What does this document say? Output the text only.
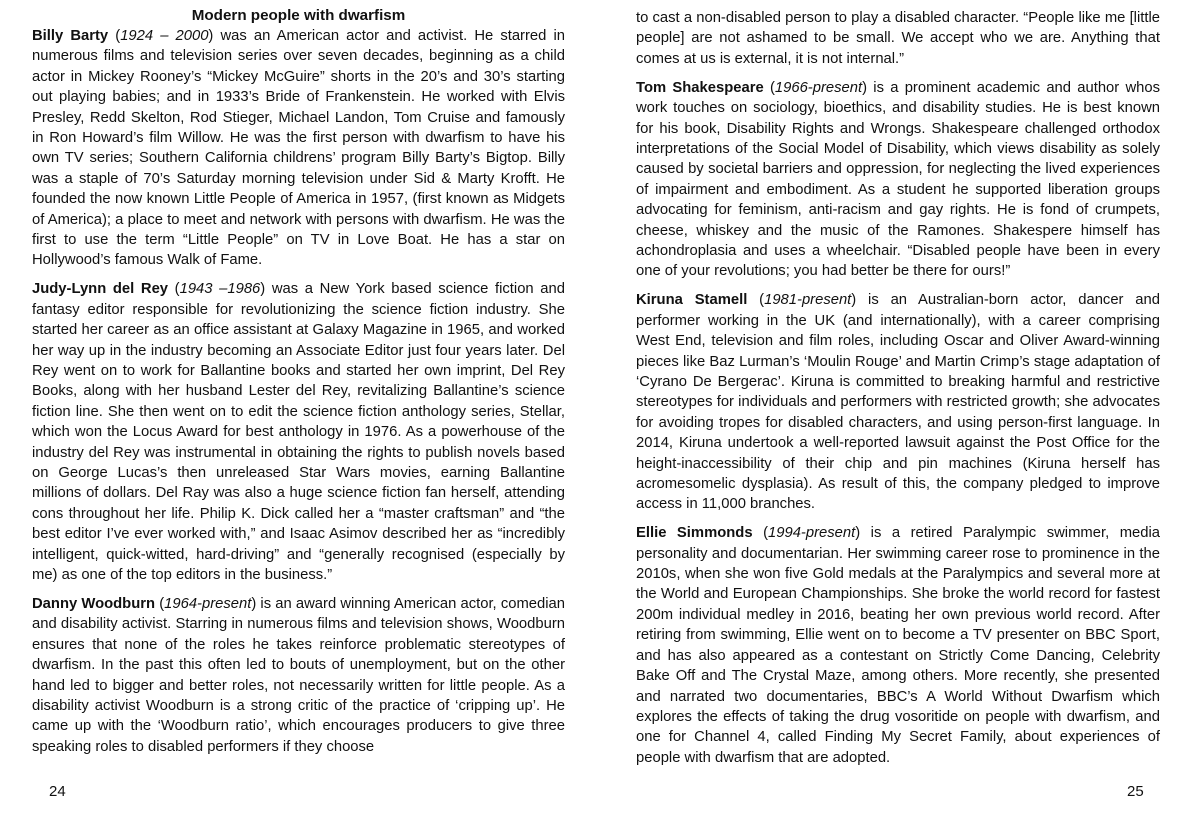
Modern people with dwarfism

Billy Barty (1924 – 2000) was an American actor and activist. He starred in numerous films and television series over seven decades, beginning as a child actor in Mickey Rooney’s “Mickey McGuire” shorts in the 20’s and 30’s starting out playing babies; and in 1933’s Bride of Frankenstein. He worked with Elvis Presley, Redd Skelton, Rod Stieger, Michael Landon, Tom Cruise and famously in Ron Howard’s film Willow. He was the first person with dwarfism to have his own TV series; Southern California childrens’ program Billy Barty’s Bigtop. Billy was a staple of 70’s Saturday morning television under Sid & Marty Krofft. He founded the now known Little People of America in 1957, (first known as Midgets of America); a place to meet and network with persons with dwarfism. He was the first to use the term “Little People” on TV in Love Boat. He has a star on Hollywood’s famous Walk of Fame.

Judy-Lynn del Rey (1943 –1986) was a New York based science fiction and fantasy editor responsible for revolutionizing the science fiction industry. She started her career as an office assistant at Galaxy Magazine in 1965, and worked her way up in the industry becoming an Associate Editor just four years later. Del Rey went on to work for Ballantine books and started her own imprint, Del Rey Books, along with her husband Lester del Rey, revitalizing Ballantine’s science fiction line. She then went on to edit the science fiction anthology series, Stellar, which won the Locus Award for best anthology in 1976. As a powerhouse of the industry del Rey was instrumental in obtaining the rights to publish novels based on George Lucas’s then unreleased Star Wars movies, earning Ballantine millions of dollars. Del Ray was also a huge science fiction fan herself, attending cons throughout her life. Philip K. Dick called her a “master craftsman” and “the best editor I’ve ever worked with,” and Isaac Asimov described her as “incredibly intelligent, quick-witted, hard-driving” and “generally recognised (especially by me) as one of the top editors in the business.”

Danny Woodburn (1964-present) is an award winning American actor, comedian and disability activist. Starring in numerous films and television shows, Woodburn ensures that none of the roles he takes reinforce problematic stereotypes of dwarfism. In the past this often led to bouts of unemployment, but on the other hand led to bigger and better roles, not necessarily written for little people. As a disability activist Woodburn is a strong critic of the practice of ‘cripping up’. He came up with the ‘Woodburn ratio’, which encourages producers to give three speaking roles to disabled performers if they choose

24

to cast a non-disabled person to play a disabled character. “People like me [little people] are not ashamed to be small. We accept who we are. Anything that comes at us is external, it is not internal.”

Tom Shakespeare (1966-present) is a prominent academic and author whos work touches on sociology, bioethics, and disability studies. He is best known for his book, Disability Rights and Wrongs. Shakespeare challenged orthodox interpretations of the Social Model of Disability, which views disability as solely caused by societal barriers and oppression, for neglecting the lived experiences of impairment and embodiment. As a student he supported liberation groups advocating for feminism, anti-racism and gay rights. He is fond of crumpets, cheese, whiskey and the music of the Ramones. Shakespere himself has achondroplasia and uses a wheelchair. “Disabled people have been in every one of your revolutions; you had better be there for ours!”

Kiruna Stamell (1981-present) is an Australian-born actor, dancer and performer working in the UK (and internationally), with a career comprising West End, television and film roles, including Oscar and Oliver Award-winning pieces like Baz Lurman’s ‘Moulin Rouge’ and Martin Crimp’s stage adaptation of ‘Cyrano De Bergerac’. Kiruna is committed to breaking harmful and restrictive stereotypes for individuals and performers with restricted growth; she advocates for avoiding tropes for disabled characters, and using person-first language. In 2014, Kiruna undertook a well-reported lawsuit against the Post Office for the height-inaccessibility of their chip and pin machines (Kiruna herself has acromesomelic dysplasia). As result of this, the company pledged to improve access in 11,000 branches.

Ellie Simmonds (1994-present) is a retired Paralympic swimmer, media personality and documentarian. Her swimming career rose to prominence in the 2010s, when she won five Gold medals at the Paralympics and several more at the World and European Championships. She broke the world record for fastest 200m individual medley in 2016, beating her own previous world record. After retiring from swimming, Ellie went on to become a TV presenter on BBC Sport, and has also appeared as a contestant on Strictly Come Dancing, Celebrity Bake Off and The Crystal Maze, among others. More recently, she presented and narrated two documentaries, BBC’s A World Without Dwarfism which explores the effects of taking the drug vosoritide on people with dwarfism, and one for Channel 4, called Finding My Secret Family, about experiences of people with dwarfism that are adopted.

25
